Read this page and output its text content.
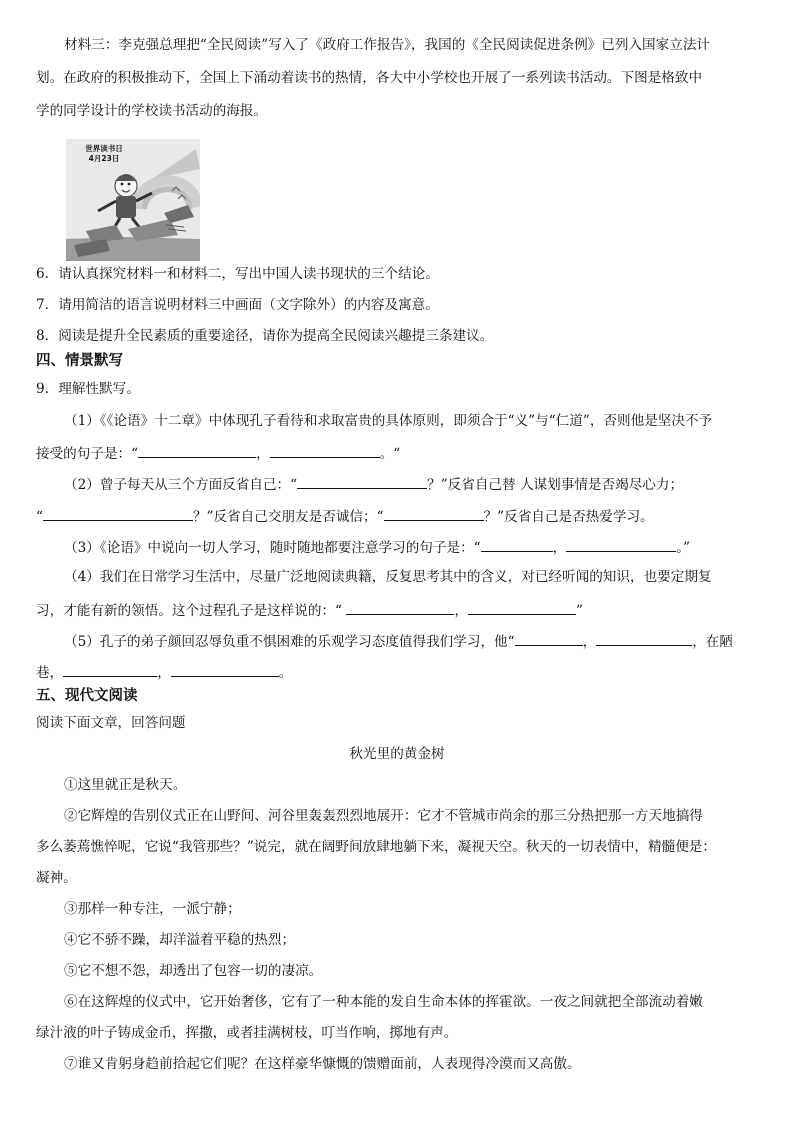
材料三：李克强总理把“全民阅读”写入了《政府工作报告》，我国的《全民阅读促进条例》已列入国家立法计
划。在政府的积极推动下，全国上下涌动着读书的热情，各大中小学校也开展了一系列读书活动。下图是格致中
学的同学设计的学校读书活动的海报。
世界读书日
4月23日
6．请认真探究材料一和材料二，写出中国人读书现状的三个结论。
7．请用简洁的语言说明材料三中画面（文字除外）的内容及寓意。
8．阅读是提升全民素质的重要途径，请你为提高全民阅读兴趣提三条建议。
四、情景默写
9．理解性默写。
（1）《《论语》十二章》中体现孔子看待和求取富贵的具体原则，即须合于“义”与“仁道”，否则他是坚决不予
接受的句子是：“	，	。“
（2）曾子每天从三个方面反省自己：“	？”反省自己替 人谋划事情是否竭尽心力；
“	？”反省自己交朋友是否诚信；“	？”反省自己是否热爱学习。
（3）《论语》中说向一切人学习，随时随地都要注意学习的句子是：“	，	。”
（4）我们在日常学习生活中，尽量广泛地阅读典籍，反复思考其中的含义，对已经听闻的知识，也要定期复
习，才能有新的领悟。这个过程孔子是这样说的：“	，	”
（5）孔子的弟子颜回忍辱负重不惧困难的乐观学习态度值得我们学习，他“	，	，在陋
巷，	，	。
五、现代文阅读
阅读下面文章，回答问题
秋光里的黄金树
①这里就正是秋天。
②它辉煌的告别仪式正在山野间、河谷里轰轰烈烈地展开：它才不管城市尚余的那三分热把那一方天地搞得
多么萎蔫憔悴呢，它说“我管那些？”说完，就在阔野间放肆地躺下来，凝视天空。秋天的一切表情中，精髓便是：
凝神。
③那样一种专注，一派宁静；
④它不骄不躁，却洋溢着平稳的热烈；
⑤它不想不怨，却透出了包容一切的凄凉。
⑥在这辉煌的仪式中，它开始奢侈，它有了一种本能的发自生命本体的挥霍欲。一夜之间就把全部流动着嫩
绿汁液的叶子铸成金币，挥撒，或者挂满树枝，叮当作响，掷地有声。
⑦谁又肯躬身趋前拾起它们呢？在这样豪华慷慨的馈赠面前，人表现得冷漠而又高傲。
